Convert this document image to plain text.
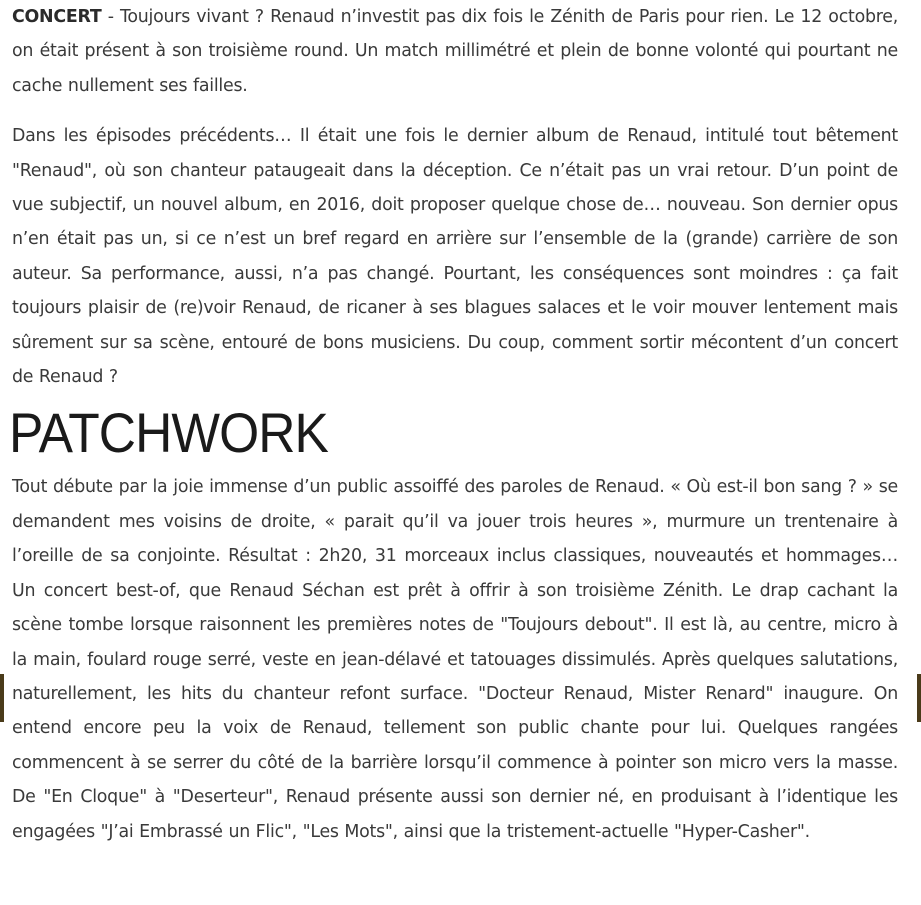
CONCERT - Toujours vivant ? Renaud n’investit pas dix fois le Zénith de Paris pour rien. Le 12 octobre, on était présent à son troisième round. Un match millimétré et plein de bonne volonté qui pourtant ne cache nullement ses failles.

Dans les épisodes précédents… Il était une fois le dernier album de Renaud, intitulé tout bêtement "Renaud", où son chanteur pataugeait dans la déception. Ce n’était pas un vrai retour. D’un point de vue subjectif, un nouvel album, en 2016, doit proposer quelque chose de… nouveau. Son dernier opus n’en était pas un, si ce n’est un bref regard en arrière sur l’ensemble de la (grande) carrière de son auteur. Sa performance, aussi, n’a pas changé. Pourtant, les conséquences sont moindres : ça fait toujours plaisir de (re)voir Renaud, de ricaner à ses blagues salaces et le voir mouver lentement mais sûrement sur sa scène, entouré de bons musiciens. Du coup, comment sortir mécontent d’un concert de Renaud ?

PATCHWORK

Tout débute par la joie immense d’un public assoiffé des paroles de Renaud. « Où est-il bon sang ? » se demandent mes voisins de droite, « parait qu’il va jouer trois heures », murmure un trentenaire à l’oreille de sa conjointe. Résultat : 2h20, 31 morceaux inclus classiques, nouveautés et hommages… Un concert best-of, que Renaud Séchan est prêt à offrir à son troisième Zénith. Le drap cachant la scène tombe lorsque raisonnent les premières notes de "Toujours debout". Il est là, au centre, micro à la main, foulard rouge serré, veste en jean-délavé et tatouages dissimulés. Après quelques salutations, naturellement, les hits du chanteur refont surface. "Docteur Renaud, Mister Renard" inaugure. On entend encore peu la voix de Renaud, tellement son public chante pour lui. Quelques rangées commencent à se serrer du côté de la barrière lorsqu’il commence à pointer son micro vers la masse. De "En Cloque" à "Deserteur", Renaud présente aussi son dernier né, en produisant à l’identique les engagées "J’ai Embrassé un Flic", "Les Mots", ainsi que la tristement-actuelle "Hyper-Casher".
